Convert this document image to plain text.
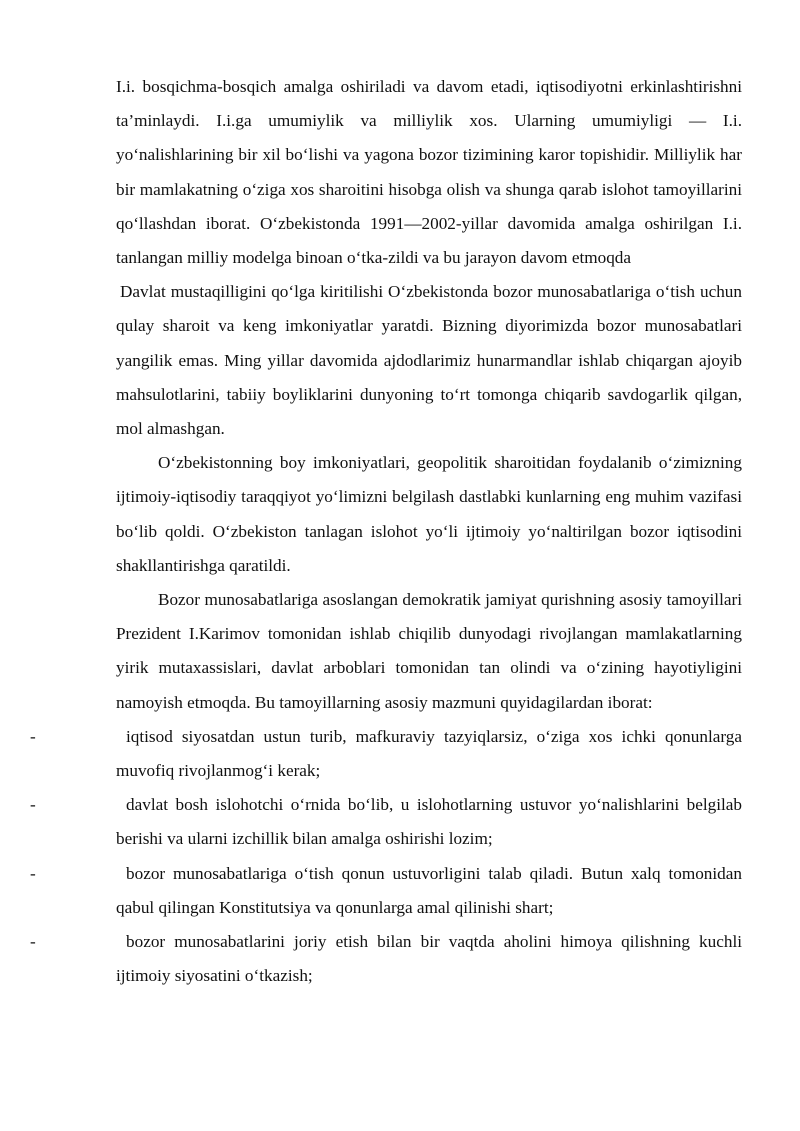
I.i. bosqichma-bosqich amalga oshiriladi va davom etadi, iqtisodiyotni erkinlashtirishni ta’minlaydi. I.i.ga umumiylik va milliylik xos. Ularning umumiyligi — I.i. yo‘nalishlarining bir xil bo‘lishi va yagona bozor tizimining karor topishidir. Milliylik har bir mamlakatning o‘ziga xos sharoitini hisobga olish va shunga qarab islohot tamoyillarini qo‘llashdan iborat. O‘zbekistonda 1991—2002-yillar davomida amalga oshirilgan I.i. tanlangan milliy modelga binoan o‘tka-zildi va bu jarayon davom etmoqda

Davlat mustaqilligini qo‘lga kiritilishi O‘zbekistonda bozor munosabatlariga o‘tish uchun qulay sharoit va keng imkoniyatlar yaratdi. Bizning diyorimizda bozor munosabatlari yangilik emas. Ming yillar davomida ajdodlarimiz hunarmandlar ishlab chiqargan ajoyib mahsulotlarini, tabiiy boyliklarini dunyoning to‘rt tomonga chiqarib savdogarlik qilgan, mol almashgan.

O‘zbekistonning boy imkoniyatlari, geopolitik sharoitidan foydalanib o‘zimizning ijtimoiy-iqtisodiy taraqqiyot yo‘limizni belgilash dastlabki kunlarning eng muhim vazifasi bo‘lib qoldi. O‘zbekiston tanlagan islohot yo‘li ijtimoiy yo‘naltirilgan bozor iqtisodini shakllantirishga qaratildi.

Bozor munosabatlariga asoslangan demokratik jamiyat qurishning asosiy tamoyillari Prezident I.Karimov tomonidan ishlab chiqilib dunyodagi rivojlangan mamlakatlarning yirik mutaxassislari, davlat arboblari tomonidan tan olindi va o‘zining hayotiyligini namoyish etmoqda. Bu tamoyillarning asosiy mazmuni quyidagilardan iborat:

-	iqtisod siyosatdan ustun turib, mafkuraviy tazyiqlarsiz, o‘ziga xos ichki qonunlarga muvofiq rivojlanmog‘i kerak;
-	davlat bosh islohotchi o‘rnida bo‘lib, u islohotlarning ustuvor yo‘nalishlarini belgilab berishi va ularni izchillik bilan amalga oshirishi lozim;
-	bozor munosabatlariga o‘tish qonun ustuvorligini talab qiladi. Butun xalq tomonidan qabul qilingan Konstitutsiya va qonunlarga amal qilinishi shart;
-	bozor munosabatlarini joriy etish bilan bir vaqtda aholini himoya qilishning kuchli ijtimoiy siyosatini o‘tkazish;
